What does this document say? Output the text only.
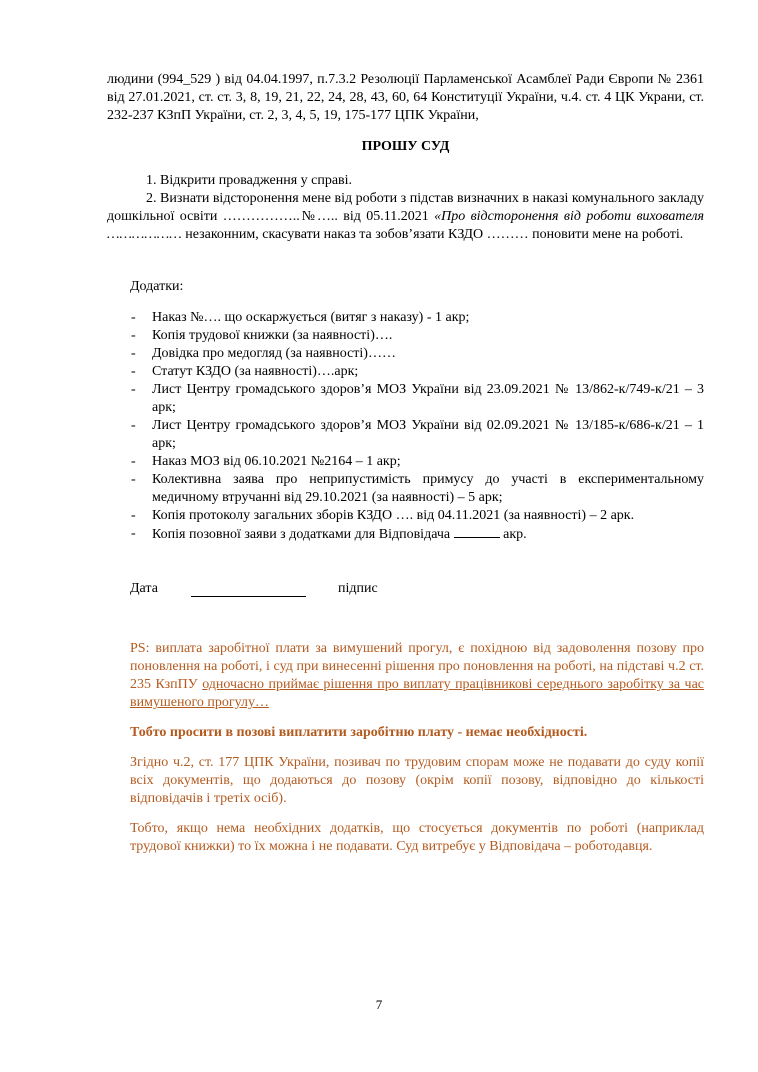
людини (994_529 ) від 04.04.1997, п.7.3.2 Резолюції Парламенської Асамблеї Ради Європи № 2361 від 27.01.2021, ст. ст. 3, 8, 19, 21, 22, 24, 28, 43, 60, 64 Конституції України, ч.4. ст. 4 ЦК Украни, ст. 232-237 КЗпП України, ст. 2, 3, 4, 5, 19, 175-177 ЦПК України,
ПРОШУ СУД
1. Відкрити провадження у справі.
2. Визнати відсторонення мене від роботи з підстав визначних в наказі комунального закладу дошкільної освіти ……………..№….. від 05.11.2021 «Про відсторонення від роботи вихователя ……………… незаконним, скасувати наказ та зобов’язати КЗДО ……… поновити мене на роботі.
Додатки:
- Наказ №…. що оскаржується (витяг з наказу) - 1 акр;
- Копія трудової книжки (за наявності)….
- Довідка про медогляд (за наявності)……
- Статут КЗДО (за наявності)….арк;
- Лист Центру громадського здоров’я МОЗ України від 23.09.2021 № 13/862-к/749-к/21 – 3 арк;
- Лист Центру громадського здоров’я МОЗ України від 02.09.2021 № 13/185-к/686-к/21 – 1 арк;
- Наказ МОЗ від 06.10.2021 №2164 – 1 акр;
- Колективна заява про неприпустимість примусу до участі в експериментальному медичному втручанні від 29.10.2021 (за наявності) – 5 арк;
- Копія протоколу загальних зборів КЗДО …. від 04.11.2021 (за наявності) – 2 арк.
- Копія позовної заяви з додатками для Відповідача	акр.
Дата	підпис
PS: виплата заробітної плати за вимушений прогул, є похідною від задоволення позову про поновлення на роботі, і суд при винесенні рішення про поновлення на роботі, на підставі ч.2 ст. 235 КзпПУ одночасно приймає рішення про виплату працівникові середнього заробітку за час вимушеного прогулу…
Тобто просити в позові виплатити заробітню плату - немає необхідності.
Згідно ч.2, ст. 177 ЦПК України, позивач по трудовим спорам може не подавати до суду копії всіх документів, що додаються до позову (окрім копії позову, відповідно до кількості відповідачів і третіх осіб).
Тобто, якщо нема необхідних додатків, що стосується документів по роботі (наприклад трудової книжки) то їх можна і не подавати. Суд витребує у Відповідача – роботодавця.
7
